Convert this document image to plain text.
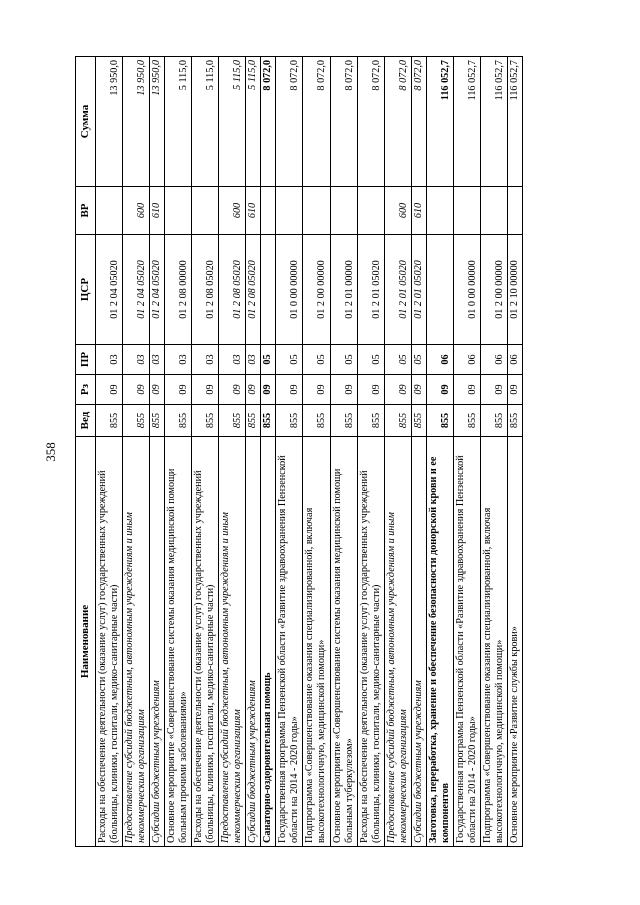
358
Наименование	Вед	Рз	ПР	ЦСР	ВР	Сумма
Расходы на обеспечение деятельности (оказание услуг) государственных учреждений (больницы, клиники, госпитали, медико-санитарные части)	855	09	03	01 2 04 05020		13 950,0
Предоставление субсидий бюджетным, автономным учреждениям и иным некоммерческим организациям	855	09	03	01 2 04 05020	600	13 950,0
Субсидии бюджетным учреждениям	855	09	03	01 2 04 05020	610	13 950,0
Основное мероприятие «Совершенствование системы оказания медицинской помощи больным прочими заболеваниями»	855	09	03	01 2 08 00000		5 115,0
Расходы на обеспечение деятельности (оказание услуг) государственных учреждений (больницы, клиники, госпитали, медико-санитарные части)	855	09	03	01 2 08 05020		5 115,0
Предоставление субсидий бюджетным, автономным учреждениям и иным некоммерческим организациям	855	09	03	01 2 08 05020	600	5 115,0
Субсидии бюджетным учреждениям	855	09	03	01 2 08 05020	610	5 115,0
Санаторно-оздоровительная помощь	855	09	05			8 072,0
Государственная программа Пензенской области «Развитие здравоохранения Пензенской области на 2014 - 2020 годы»	855	09	05	01 0 00 00000		8 072,0
Подпрограмма «Совершенствование оказания специализированной, включая высокотехнологичную, медицинской помощи»	855	09	05	01 2 00 00000		8 072,0
Основное мероприятие «Совершенствование системы оказания медицинской помощи больным туберкулезом»	855	09	05	01 2 01 00000		8 072,0
Расходы на обеспечение деятельности (оказание услуг) государственных учреждений (больницы, клиники, госпитали, медико-санитарные части)	855	09	05	01 2 01 05020		8 072,0
Предоставление субсидий бюджетным, автономным учреждениям и иным некоммерческим организациям	855	09	05	01 2 01 05020	600	8 072,0
Субсидии бюджетным учреждениям	855	09	05	01 2 01 05020	610	8 072,0
Заготовка, переработка, хранение и обеспечение безопасности донорской крови и ее компонентов	855	09	06			116 052,7
Государственная программа Пензенской области «Развитие здравоохранения Пензенской области на 2014 - 2020 годы»	855	09	06	01 0 00 00000		116 052,7
Подпрограмма «Совершенствование оказания специализированной, включая высокотехнологичную, медицинской помощи»	855	09	06	01 2 00 00000		116 052,7
Основное мероприятие «Развитие службы крови»	855	09	06	01 2 10 00000		116 052,7
